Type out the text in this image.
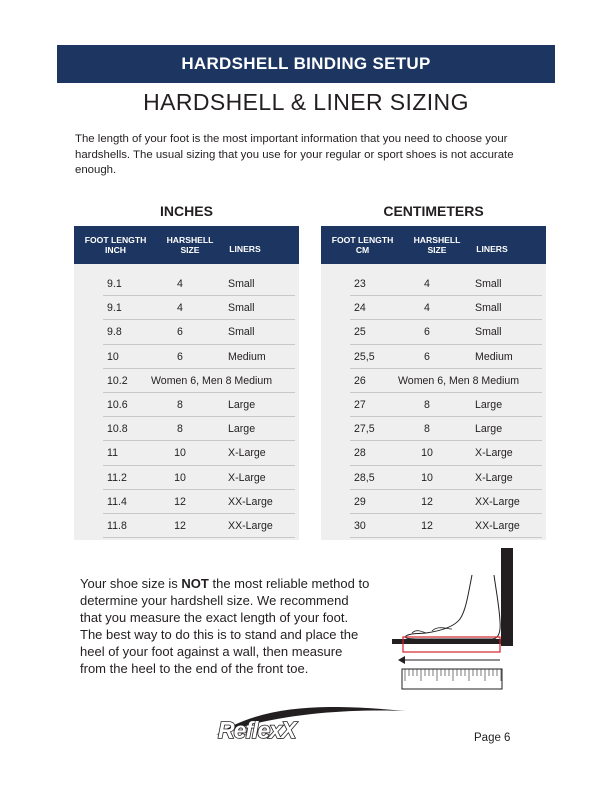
HARDSHELL BINDING SETUP
HARDSHELL & LINER SIZING
The length of your foot is the most important information that you need to choose your hardshells. The usual sizing that you use for your regular or sport shoes is not accurate enough.
INCHES
FOOT LENGTH INCH
HARSHELL SIZE	LINERS
9.1	4	Small
9.1	4	Small
9.8	6	Small
10	6	Medium
10.2 Women 6, Men 8 Medium
10.6	8	Large
10.8	8	Large
11	10	X-Large
11.2	10	X-Large
11.4	12	XX-Large
11.8	12	XX-Large
CENTIMETERS
FOOT LENGTH CM
HARSHELL SIZE	LINERS
23	4	Small
24	4	Small
25	6	Small
25,5	6	Medium
26	Women 6, Men 8 Medium
27	8	Large
27,5	8	Large
28	10	X-Large
28,5	10	X-Large
29	12	XX-Large
30	12	XX-Large
Your shoe size is NOT the most reliable method to determine your hardshell size. We recommend that you measure the exact length of your foot. The best way to do this is to stand and place the heel of your foot against a wall, then measure from the heel to the end of the front toe.
ReflexX	Page 6
